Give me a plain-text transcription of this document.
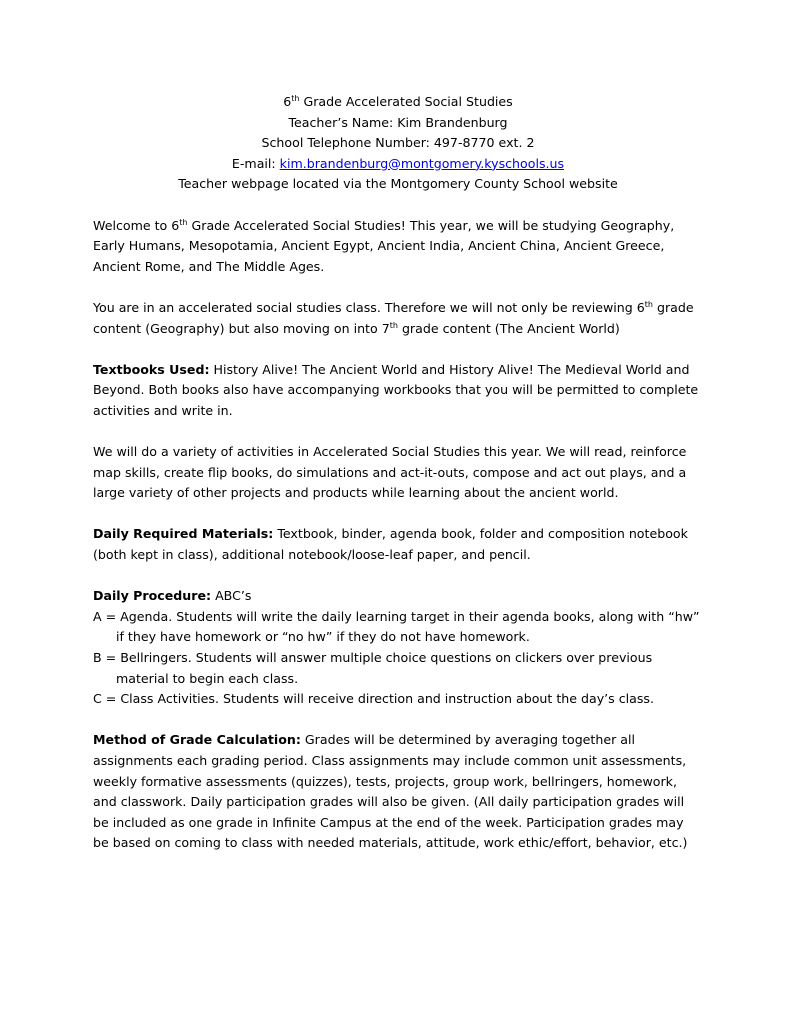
6th Grade Accelerated Social Studies
Teacher’s Name: Kim Brandenburg
School Telephone Number: 497-8770 ext. 2
E-mail: kim.brandenburg@montgomery.kyschools.us
Teacher webpage located via the Montgomery County School website

Welcome to 6th Grade Accelerated Social Studies! This year, we will be studying Geography, Early Humans, Mesopotamia, Ancient Egypt, Ancient India, Ancient China, Ancient Greece, Ancient Rome, and The Middle Ages.

You are in an accelerated social studies class. Therefore we will not only be reviewing 6th grade content (Geography) but also moving on into 7th grade content (The Ancient World)

Textbooks Used: History Alive! The Ancient World and History Alive! The Medieval World and Beyond. Both books also have accompanying workbooks that you will be permitted to complete activities and write in.

We will do a variety of activities in Accelerated Social Studies this year. We will read, reinforce map skills, create flip books, do simulations and act-it-outs, compose and act out plays, and a large variety of other projects and products while learning about the ancient world.

Daily Required Materials: Textbook, binder, agenda book, folder and composition notebook (both kept in class), additional notebook/loose-leaf paper, and pencil.

Daily Procedure: ABC’s

A = Agenda. Students will write the daily learning target in their agenda books, along with “hw” if they have homework or “no hw” if they do not have homework.
B = Bellringers. Students will answer multiple choice questions on clickers over previous material to begin each class.
C = Class Activities. Students will receive direction and instruction about the day’s class.

Method of Grade Calculation: Grades will be determined by averaging together all assignments each grading period. Class assignments may include common unit assessments, weekly formative assessments (quizzes), tests, projects, group work, bellringers, homework, and classwork. Daily participation grades will also be given. (All daily participation grades will be included as one grade in Infinite Campus at the end of the week. Participation grades may be based on coming to class with needed materials, attitude, work ethic/effort, behavior, etc.)
